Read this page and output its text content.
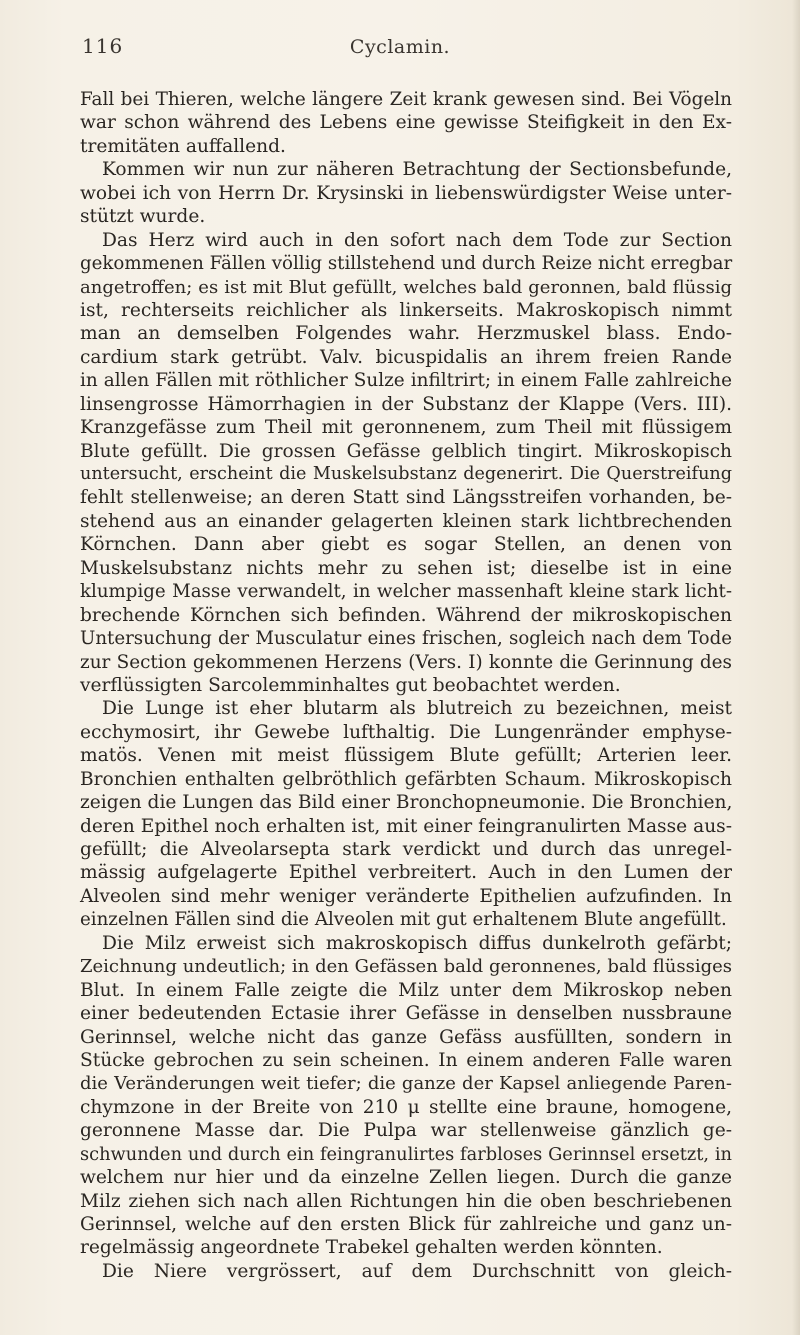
116	Cyclamin.
Fall bei Thieren, welche längere Zeit krank gewesen sind. Bei Vögeln
war schon während des Lebens eine gewisse Steifigkeit in den Ex-
tremitäten auffallend.
Kommen wir nun zur näheren Betrachtung der Sectionsbefunde,
wobei ich von Herrn Dr. Krysinski in liebenswürdigster Weise unter-
stützt wurde.
Das Herz wird auch in den sofort nach dem Tode zur Section
gekommenen Fällen völlig stillstehend und durch Reize nicht erregbar
angetroffen; es ist mit Blut gefüllt, welches bald geronnen, bald flüssig
ist, rechterseits reichlicher als linkerseits. Makroskopisch nimmt
man an demselben Folgendes wahr. Herzmuskel blass. Endo-
cardium stark getrübt. Valv. bicuspidalis an ihrem freien Rande
in allen Fällen mit röthlicher Sulze infiltrirt; in einem Falle zahlreiche
linsengrosse Hämorrhagien in der Substanz der Klappe (Vers. III).
Kranzgefässe zum Theil mit geronnenem, zum Theil mit flüssigem
Blute gefüllt. Die grossen Gefässe gelblich tingirt. Mikroskopisch
untersucht, erscheint die Muskelsubstanz degenerirt. Die Querstreifung
fehlt stellenweise; an deren Statt sind Längsstreifen vorhanden, be-
stehend aus an einander gelagerten kleinen stark lichtbrechenden
Körnchen. Dann aber giebt es sogar Stellen, an denen von
Muskelsubstanz nichts mehr zu sehen ist; dieselbe ist in eine
klumpige Masse verwandelt, in welcher massenhaft kleine stark licht-
brechende Körnchen sich befinden. Während der mikroskopischen
Untersuchung der Musculatur eines frischen, sogleich nach dem Tode
zur Section gekommenen Herzens (Vers. I) konnte die Gerinnung des
verflüssigten Sarcolemminhaltes gut beobachtet werden.
Die Lunge ist eher blutarm als blutreich zu bezeichnen, meist
ecchymosirt, ihr Gewebe lufthaltig. Die Lungenränder emphyse-
matös. Venen mit meist flüssigem Blute gefüllt; Arterien leer.
Bronchien enthalten gelbröthlich gefärbten Schaum. Mikroskopisch
zeigen die Lungen das Bild einer Bronchopneumonie. Die Bronchien,
deren Epithel noch erhalten ist, mit einer feingranulirten Masse aus-
gefüllt; die Alveolarsepta stark verdickt und durch das unregel-
mässig aufgelagerte Epithel verbreitert. Auch in den Lumen der
Alveolen sind mehr weniger veränderte Epithelien aufzufinden. In
einzelnen Fällen sind die Alveolen mit gut erhaltenem Blute angefüllt.
Die Milz erweist sich makroskopisch diffus dunkelroth gefärbt;
Zeichnung undeutlich; in den Gefässen bald geronnenes, bald flüssiges
Blut. In einem Falle zeigte die Milz unter dem Mikroskop neben
einer bedeutenden Ectasie ihrer Gefässe in denselben nussbraune
Gerinnsel, welche nicht das ganze Gefäss ausfüllten, sondern in
Stücke gebrochen zu sein scheinen. In einem anderen Falle waren
die Veränderungen weit tiefer; die ganze der Kapsel anliegende Paren-
chymzone in der Breite von 210 μ stellte eine braune, homogene,
geronnene Masse dar. Die Pulpa war stellenweise gänzlich ge-
schwunden und durch ein feingranulirtes farbloses Gerinnsel ersetzt, in
welchem nur hier und da einzelne Zellen liegen. Durch die ganze
Milz ziehen sich nach allen Richtungen hin die oben beschriebenen
Gerinnsel, welche auf den ersten Blick für zahlreiche und ganz un-
regelmässig angeordnete Trabekel gehalten werden könnten.
Die Niere vergrössert, auf dem Durchschnitt von gleich-
